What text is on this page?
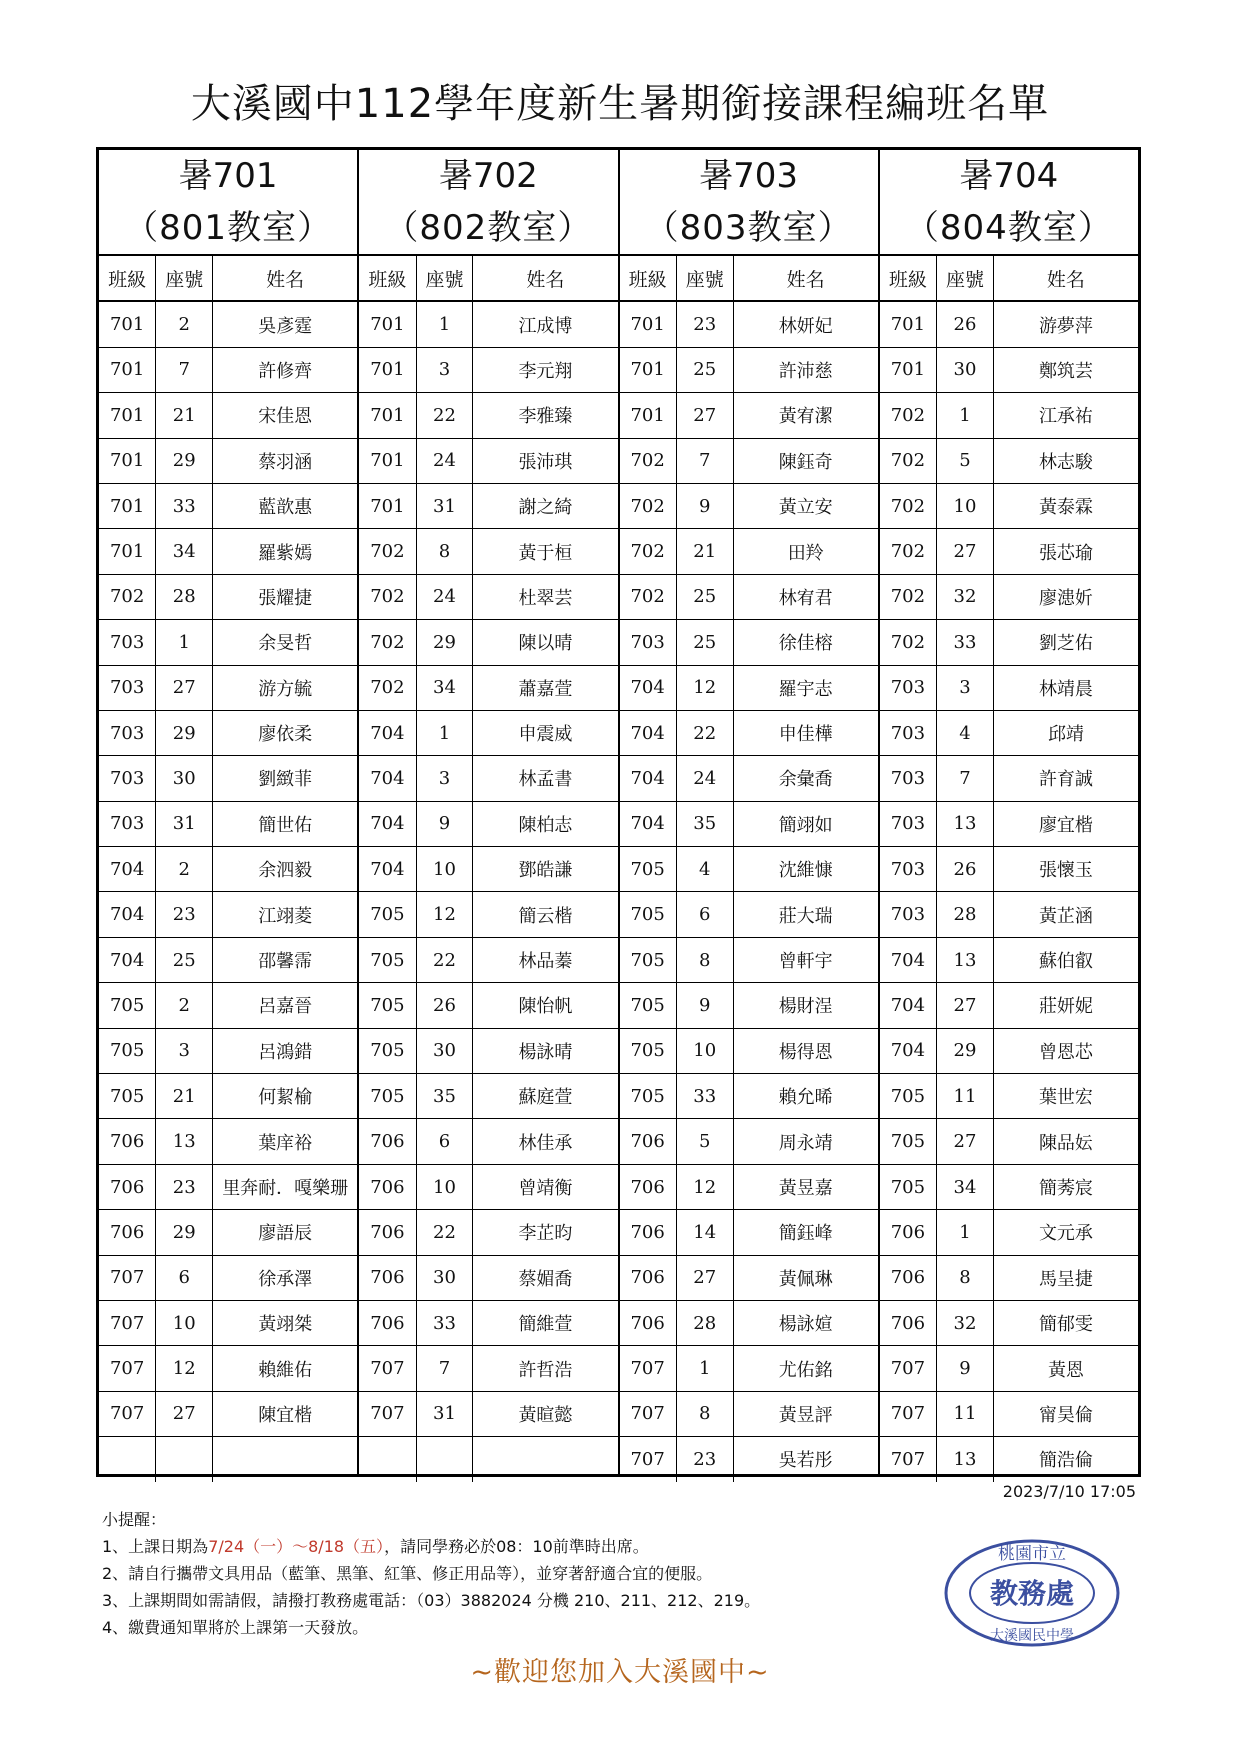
大溪國中112學年度新生暑期銜接課程編班名單
暑701
（801教室）
班級	座號	姓名
701	2	吳彥霆
701	7	許修齊
701	21	宋佳恩
701	29	蔡羽涵
701	33	藍歆惠
701	34	羅紫嫣
702	28	張耀捷
703	1	余旻哲
703	27	游方毓
703	29	廖依柔
703	30	劉緻菲
703	31	簡世佑
704	2	余泗毅
704	23	江翊菱
704	25	邵馨霈
705	2	呂嘉晉
705	3	呂鴻錯
705	21	何絜榆
706	13	葉庠裕
706	23	里奔耐．嘎樂珊
706	29	廖語辰
707	6	徐承澤
707	10	黃翊桀
707	12	賴維佑
707	27	陳宜楷

暑702
（802教室）
班級	座號	姓名
701	1	江成博
701	3	李元翔
701	22	李雅臻
701	24	張沛琪
701	31	謝之綺
702	8	黃于桓
702	24	杜翠芸
702	29	陳以晴
702	34	蕭嘉萱
704	1	申震威
704	3	林孟書
704	9	陳柏志
704	10	鄧皓謙
705	12	簡云楷
705	22	林品蓁
705	26	陳怡帆
705	30	楊詠晴
705	35	蘇庭萱
706	6	林佳承
706	10	曾靖衡
706	22	李芷昀
706	30	蔡媚喬
706	33	簡維萱
707	7	許哲浩
707	31	黃暄懿

暑703
（803教室）
班級	座號	姓名
701	23	林妍妃
701	25	許沛慈
701	27	黃宥潔
702	7	陳鈺奇
702	9	黃立安
702	21	田羚
702	25	林宥君
703	25	徐佳榕
704	12	羅宇志
704	22	申佳樺
704	24	余彙喬
704	35	簡翊如
705	4	沈維慷
705	6	莊大瑞
705	8	曾軒宇
705	9	楊財浧
705	10	楊得恩
705	33	賴允晞
706	5	周永靖
706	12	黃昱嘉
706	14	簡鈺峰
706	27	黃佩琳
706	28	楊詠媗
707	1	尤佑銘
707	8	黃昱評
707	23	吳若彤
暑704
（804教室）
班級	座號	姓名
701	26	游夢萍
701	30	鄭筑芸
702	1	江承祐
702	5	林志駿
702	10	黃泰霖
702	27	張芯瑜
702	32	廖漶妡
702	33	劉芝佑
703	3	林靖晨
703	4	邱靖
703	7	許育誠
703	13	廖宜楷
703	26	張懷玉
703	28	黃芷涵
704	13	蘇伯叡
704	27	莊妍妮
704	29	曾恩芯
705	11	葉世宏
705	27	陳品妘
705	34	簡莠宸
706	1	文元承
706	8	馬呈捷
706	32	簡郁雯
707	9	黃恩
707	11	甯昊倫
707	13	簡浩倫
2023/7/10 17:05
小提醒：
1、上課日期為7/24（一）～8/18（五），請同學務必於08：10前準時出席。
2、請自行攜帶文具用品（藍筆、黑筆、紅筆、修正用品等），並穿著舒適合宜的便服。
3、上課期間如需請假，請撥打教務處電話：（03）3882024 分機 210、211、212、219。
4、繳費通知單將於上課第一天發放。
桃園市立
教務處
大溪國民中學
~歡迎您加入大溪國中~
